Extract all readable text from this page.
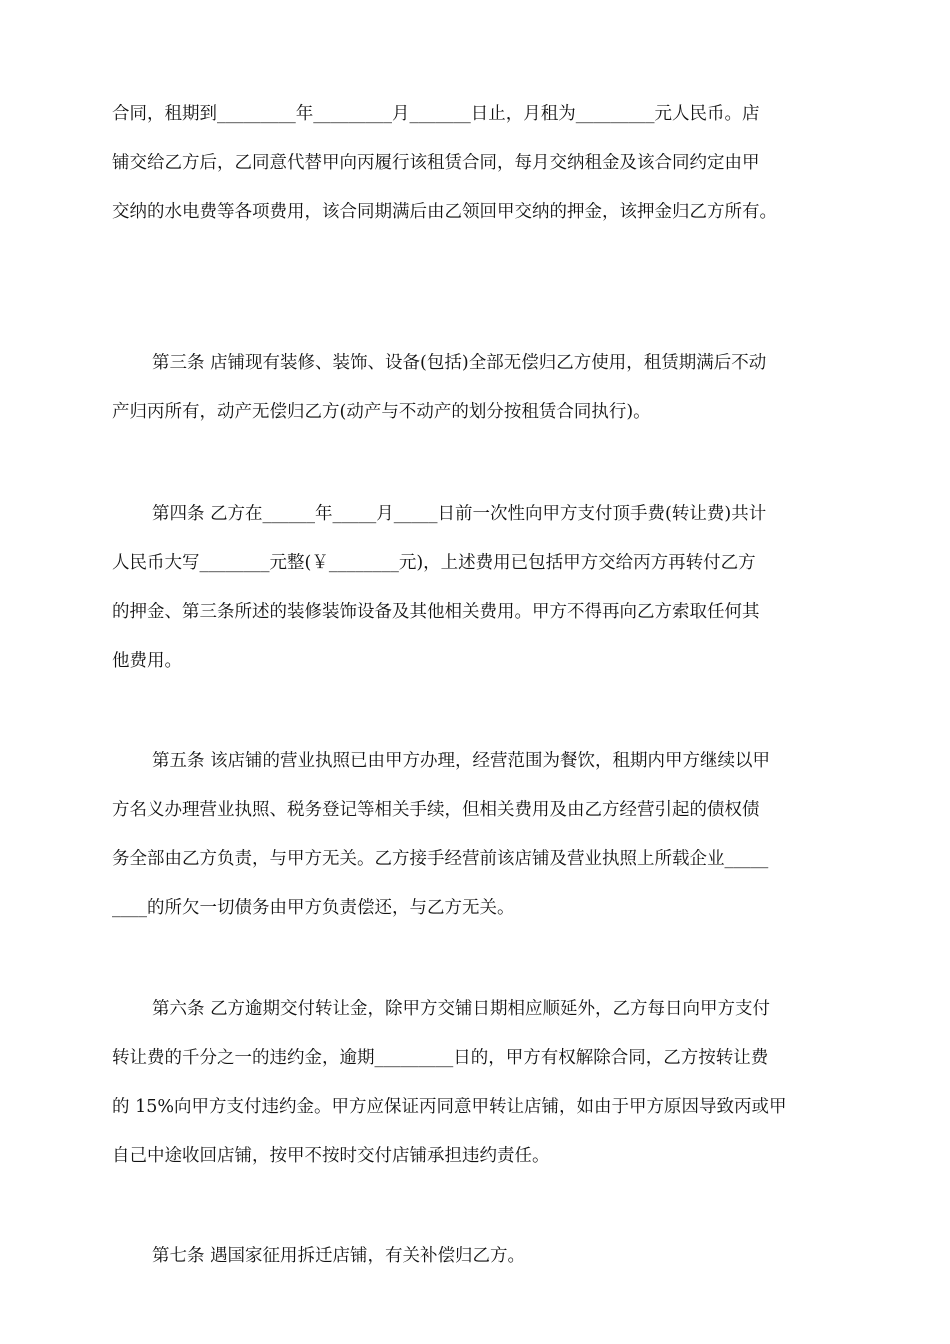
合同，租期到_________年_________月_______日止，月租为_________元人民币。店
铺交给乙方后，乙同意代替甲向丙履行该租赁合同，每月交纳租金及该合同约定由甲
交纳的水电费等各项费用，该合同期满后由乙领回甲交纳的押金，该押金归乙方所有。
第三条 店铺现有装修、装饰、设备(包括)全部无偿归乙方使用，租赁期满后不动
产归丙所有，动产无偿归乙方(动产与不动产的划分按租赁合同执行)。
第四条 乙方在______年_____月_____日前一次性向甲方支付顶手费(转让费)共计
人民币大写________元整(￥________元)，上述费用已包括甲方交给丙方再转付乙方
的押金、第三条所述的装修装饰设备及其他相关费用。甲方不得再向乙方索取任何其
他费用。
第五条 该店铺的营业执照已由甲方办理，经营范围为餐饮，租期内甲方继续以甲
方名义办理营业执照、税务登记等相关手续，但相关费用及由乙方经营引起的债权债
务全部由乙方负责，与甲方无关。乙方接手经营前该店铺及营业执照上所载企业_____
____的所欠一切债务由甲方负责偿还，与乙方无关。
第六条 乙方逾期交付转让金，除甲方交铺日期相应顺延外，乙方每日向甲方支付
转让费的千分之一的违约金，逾期_________日的，甲方有权解除合同，乙方按转让费
的 15%向甲方支付违约金。甲方应保证丙同意甲转让店铺，如由于甲方原因导致丙或甲
自己中途收回店铺，按甲不按时交付店铺承担违约责任。
第七条 遇国家征用拆迁店铺，有关补偿归乙方。
